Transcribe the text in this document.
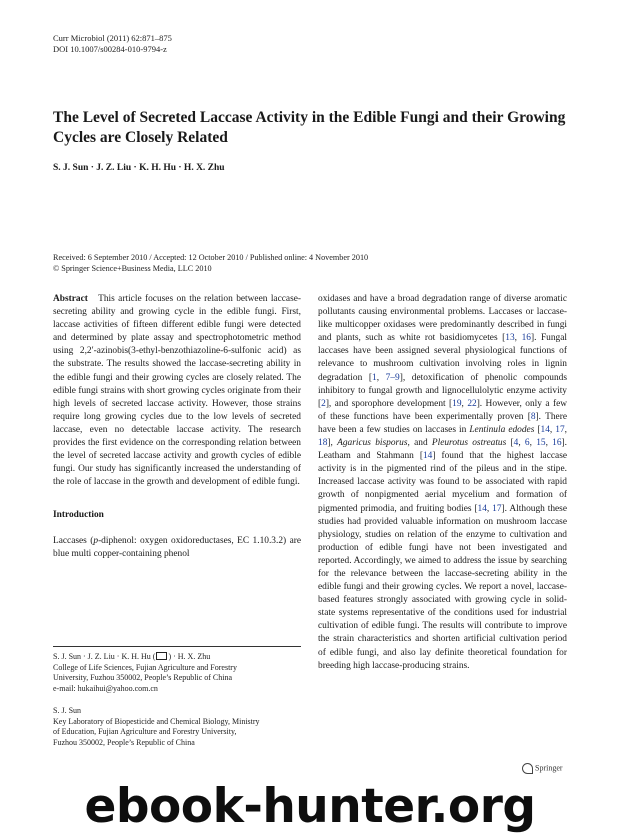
Curr Microbiol (2011) 62:871–875
DOI 10.1007/s00284-010-9794-z
The Level of Secreted Laccase Activity in the Edible Fungi and their Growing Cycles are Closely Related
S. J. Sun · J. Z. Liu · K. H. Hu · H. X. Zhu
Received: 6 September 2010 / Accepted: 12 October 2010 / Published online: 4 November 2010
© Springer Science+Business Media, LLC 2010

Abstract This article focuses on the relation between laccase-secreting ability and growing cycle in the edible fungi. First, laccase activities of fifteen different edible fungi were detected and determined by plate assay and spectrophotometric method using 2,2′-azinobis(3-ethyl-benzothiazoline-6-sulfonic acid) as the substrate. The results showed the laccase-secreting ability in the edible fungi and their growing cycles are closely related. The edible fungi strains with short growing cycles originate from their high levels of secreted laccase activity. However, those strains require long growing cycles due to the low levels of secreted laccase, even no detectable laccase activity. The research provides the first evidence on the corresponding relation between the level of secreted laccase activity and growth cycles of edible fungi. Our study has significantly increased the understanding of the role of laccase in the growth and development of edible fungi.

Introduction

Laccases (p-diphenol: oxygen oxidoreductases, EC 1.10.3.2) are blue multi copper-containing phenol

oxidases and have a broad degradation range of diverse aromatic pollutants causing environmental problems. Laccases or laccase-like multicopper oxidases were predominantly described in fungi and plants, such as white rot basidiomycetes [13, 16]. Fungal laccases have been assigned several physiological functions of relevance to mushroom cultivation involving roles in lignin degradation [1, 7–9], detoxification of phenolic compounds inhibitory to fungal growth and lignocellulolytic enzyme activity [2], and sporophore development [19, 22]. However, only a few of these functions have been experimentally proven [8]. There have been a few studies on laccases in Lentinula edodes [14, 17, 18], Agaricus bisporus, and Pleurotus ostreatus [4, 6, 15, 16]. Leatham and Stahmann [14] found that the highest laccase activity is in the pigmented rind of the pileus and in the stipe. Increased laccase activity was found to be associated with rapid growth of nonpigmented aerial mycelium and formation of pigmented primodia, and fruiting bodies [14, 17]. Although these studies had provided valuable information on mushroom laccase physiology, studies on relation of the enzyme to cultivation and production of edible fungi have not been investigated and reported. Accordingly, we aimed to address the issue by searching for the relevance between the laccase-secreting ability in the edible fungi and their growing cycles. We report a novel, laccase-based features strongly associated with growing cycle in solid-state systems representative of the conditions used for industrial cultivation of edible fungi. The results will contribute to improve the strain characteristics and shorten artificial cultivation period of edible fungi, and also lay definite theoretical foundation for breeding high laccase-producing strains.

S. J. Sun · J. Z. Liu · K. H. Hu ( ) · H. X. Zhu
College of Life Sciences, Fujian Agriculture and Forestry
University, Fuzhou 350002, People’s Republic of China
e-mail: hukaihui@yahoo.com.cn
S. J. Sun
Key Laboratory of Biopesticide and Chemical Biology, Ministry
of Education, Fujian Agriculture and Forestry University,
Fuzhou 350002, People’s Republic of China
Springer
ebook-hunter.org
